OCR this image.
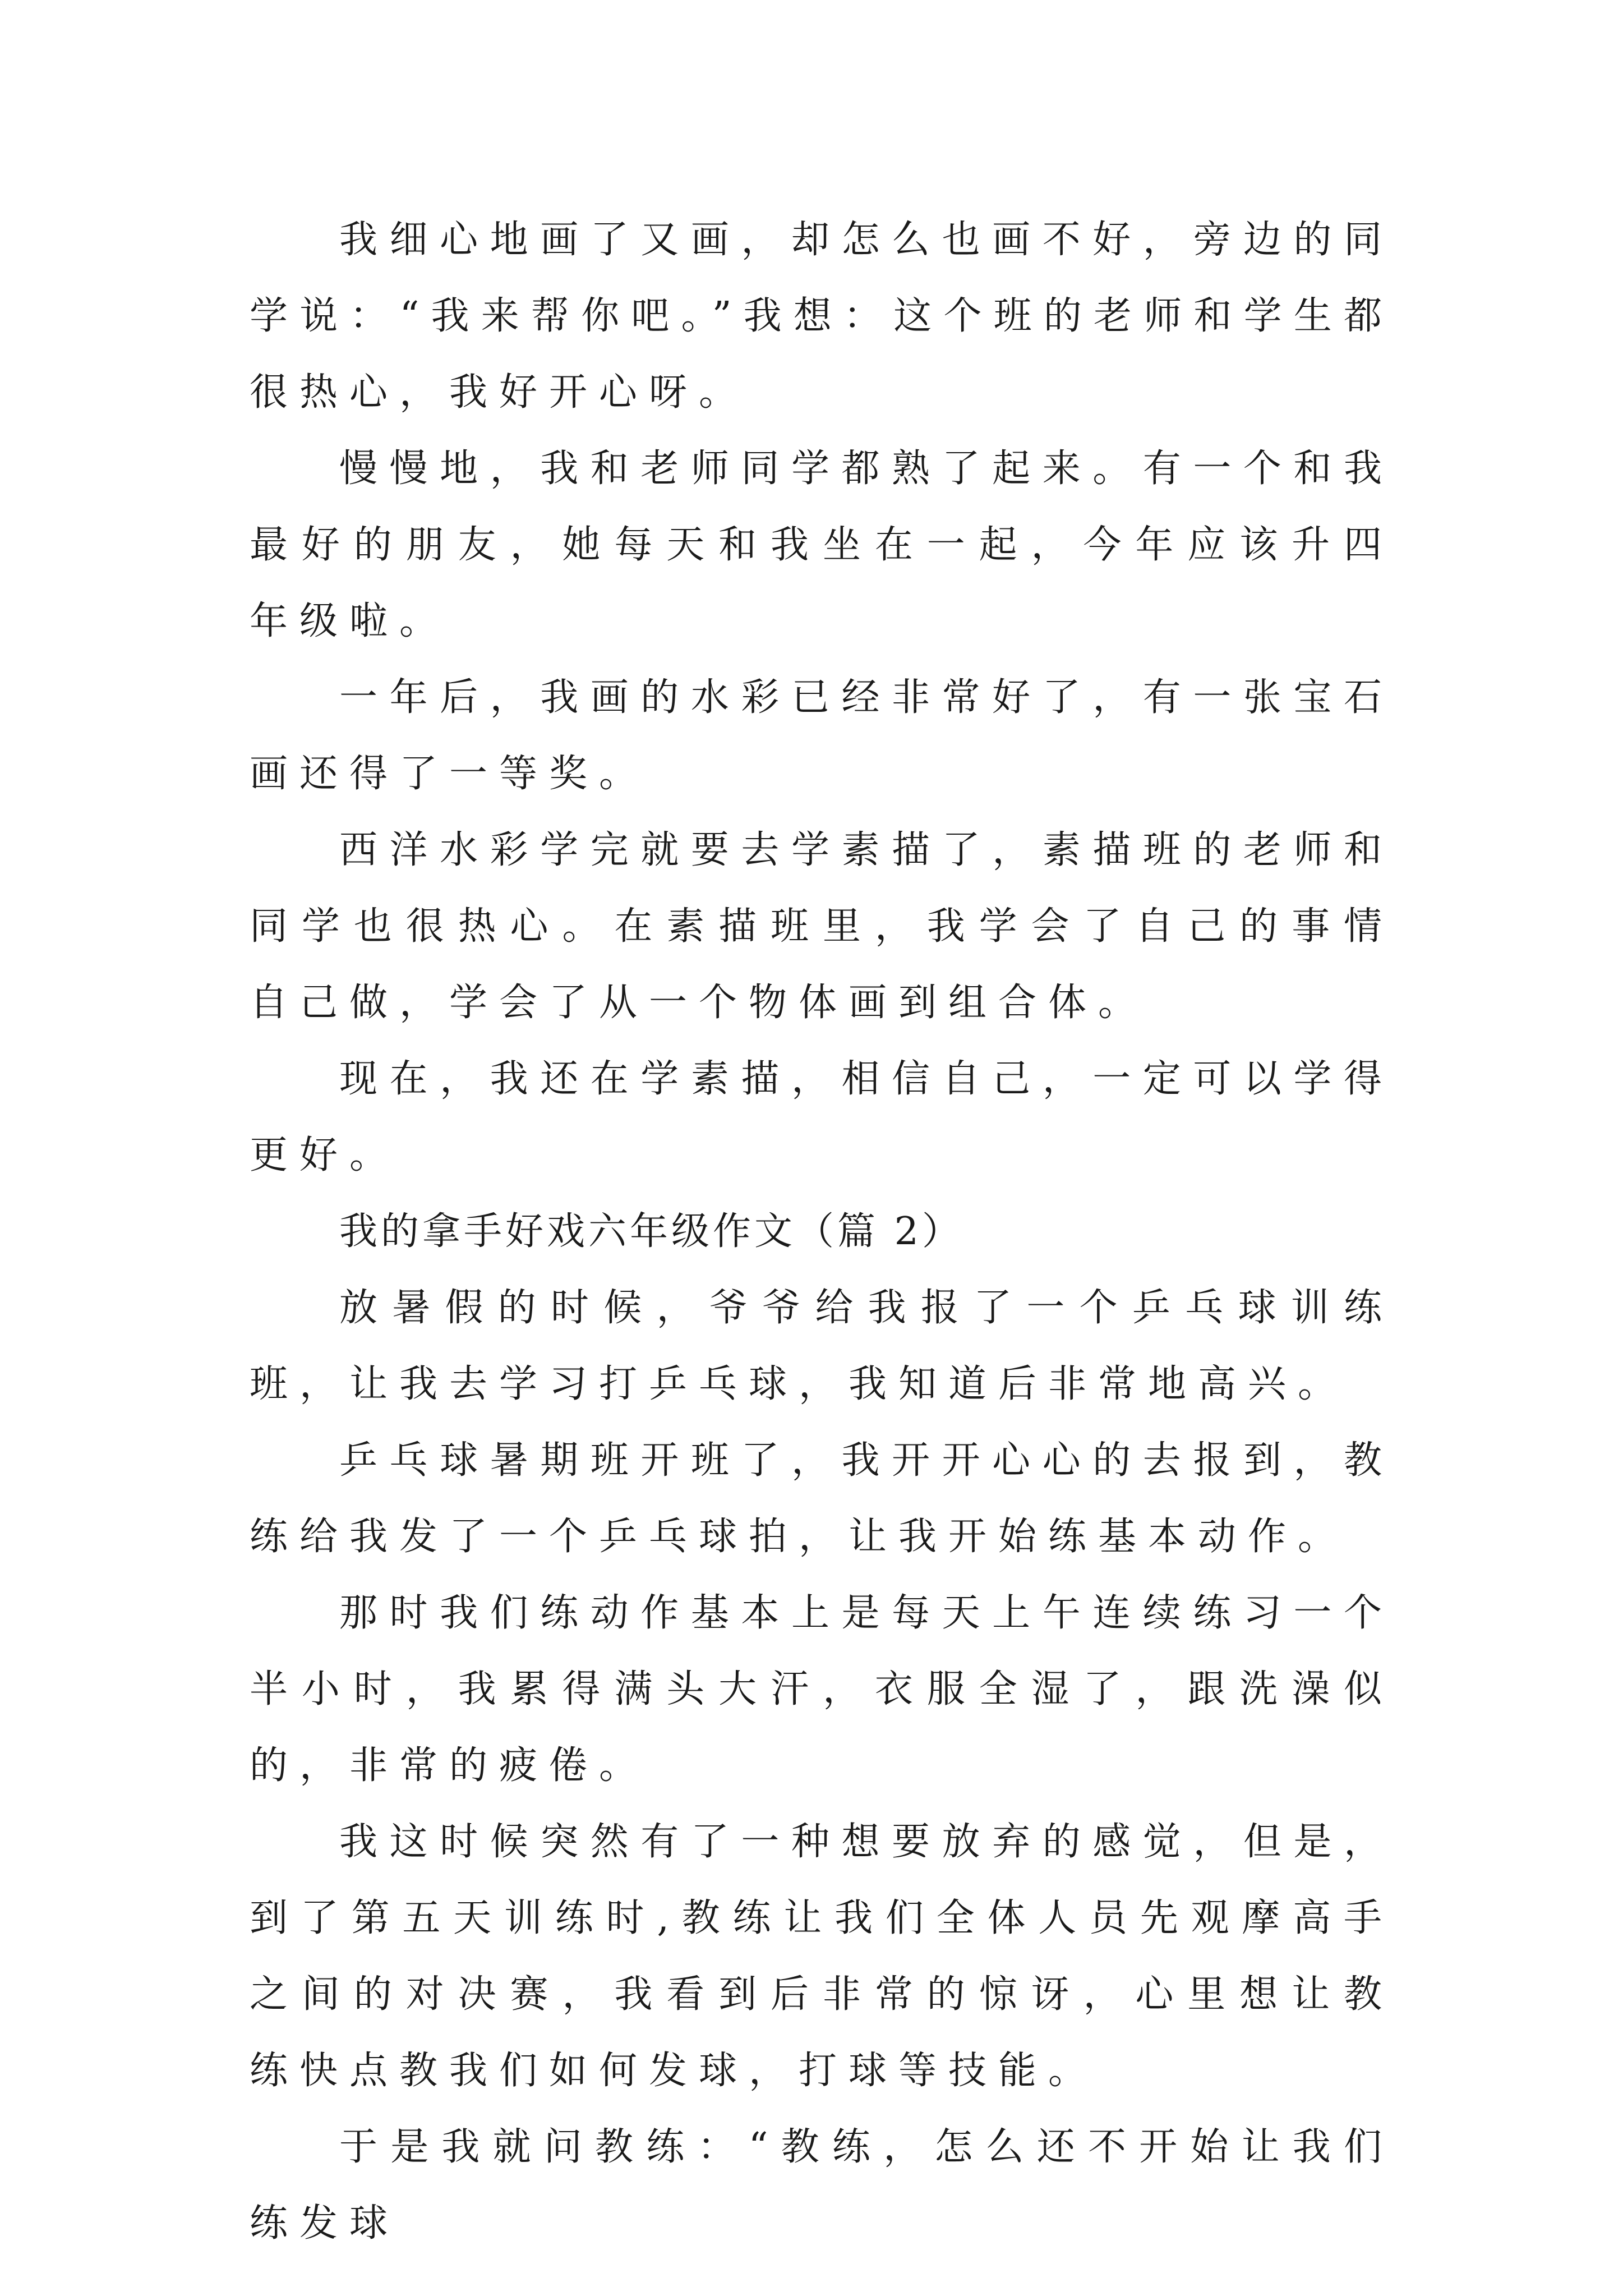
我细心地画了又画，却怎么也画不好，旁边的同学说：“我来帮你吧。”我想：这个班的老师和学生都很热心，我好开心呀。

慢慢地，我和老师同学都熟了起来。有一个和我最好的朋友，她每天和我坐在一起，今年应该升四年级啦。

一年后，我画的水彩已经非常好了，有一张宝石画还得了一等奖。

西洋水彩学完就要去学素描了，素描班的老师和同学也很热心。在素描班里，我学会了自己的事情自己做，学会了从一个物体画到组合体。

现在，我还在学素描，相信自己，一定可以学得更好。

我的拿手好戏六年级作文（篇 2）

放暑假的时候，爷爷给我报了一个乒乓球训练班，让我去学习打乒乓球，我知道后非常地高兴。

乒乓球暑期班开班了，我开开心心的去报到，教练给我发了一个乒乓球拍，让我开始练基本动作。

那时我们练动作基本上是每天上午连续练习一个半小时，我累得满头大汗，衣服全湿了，跟洗澡似的，非常的疲倦。

我这时候突然有了一种想要放弃的感觉，但是，到了第五天训练时,教练让我们全体人员先观摩高手之间的对决赛，我看到后非常的惊讶，心里想让教练快点教我们如何发球，打球等技能。

于是我就问教练：“教练，怎么还不开始让我们练发球
